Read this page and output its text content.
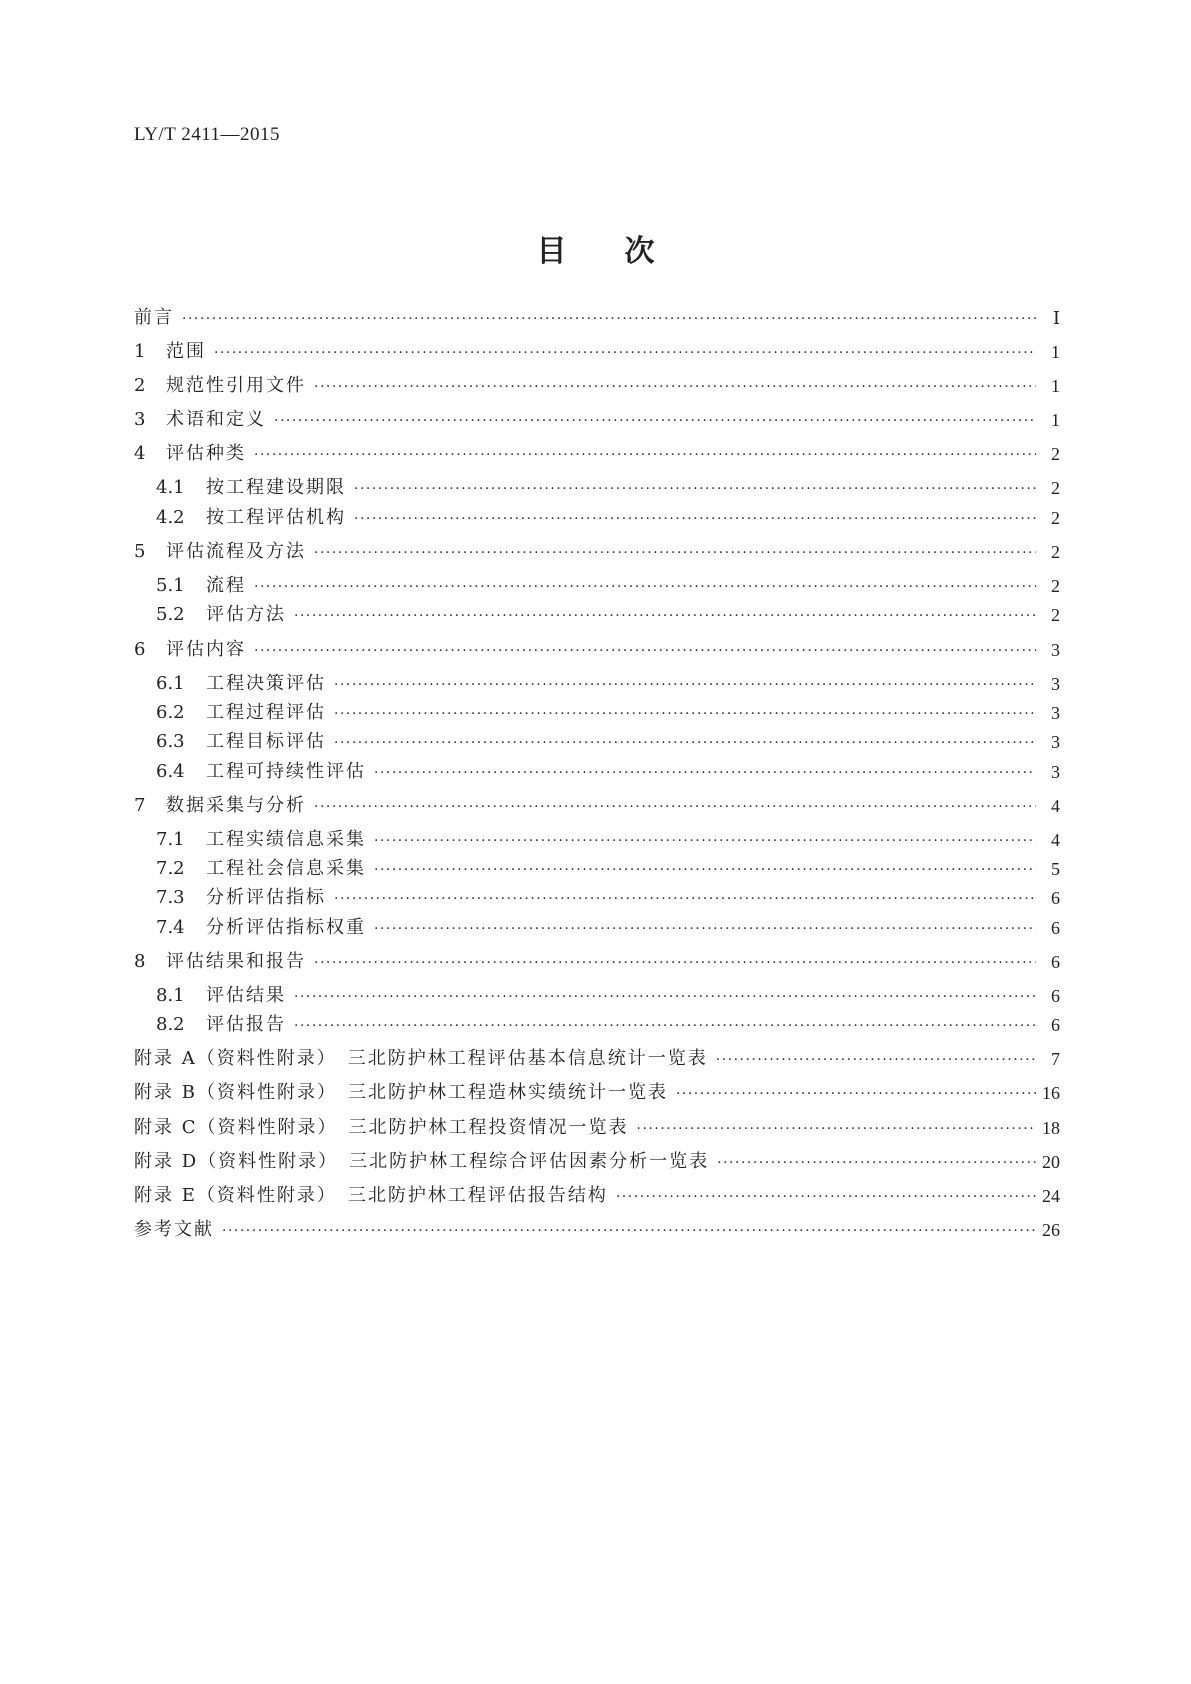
LY/T 2411—2015
目次
前言 ·····	Ⅰ
1	范围 ·····	1
2	规范性引用文件 ·····	1
3	术语和定义 ·····	1
4	评估种类 ·····	2
4.1	按工程建设期限 ·····	2
4.2	按工程评估机构 ·····	2
5	评估流程及方法 ·····	2
5.1	流程 ·····	2
5.2	评估方法 ·····	2
6	评估内容 ·····	3
6.1	工程决策评估 ·····	3
6.2	工程过程评估 ·····	3
6.3	工程目标评估 ·····	3
6.4	工程可持续性评估 ·····	3
7	数据采集与分析 ·····	4
7.1	工程实绩信息采集 ·····	4
7.2	工程社会信息采集 ·····	5
7.3	分析评估指标 ·····	6
7.4	分析评估指标权重 ·····	6
8	评估结果和报告 ·····	6
8.1	评估结果 ·····	6
8.2	评估报告 ·····	6
附录 A（资料性附录）　三北防护林工程评估基本信息统计一览表 ·····	7
附录 B（资料性附录）　三北防护林工程造林实绩统计一览表 ·····	16
附录 C（资料性附录）　三北防护林工程投资情况一览表 ·····	18
附录 D（资料性附录）　三北防护林工程综合评估因素分析一览表 ·····	20
附录 E（资料性附录）　三北防护林工程评估报告结构 ·····	24
参考文献 ·····	26
